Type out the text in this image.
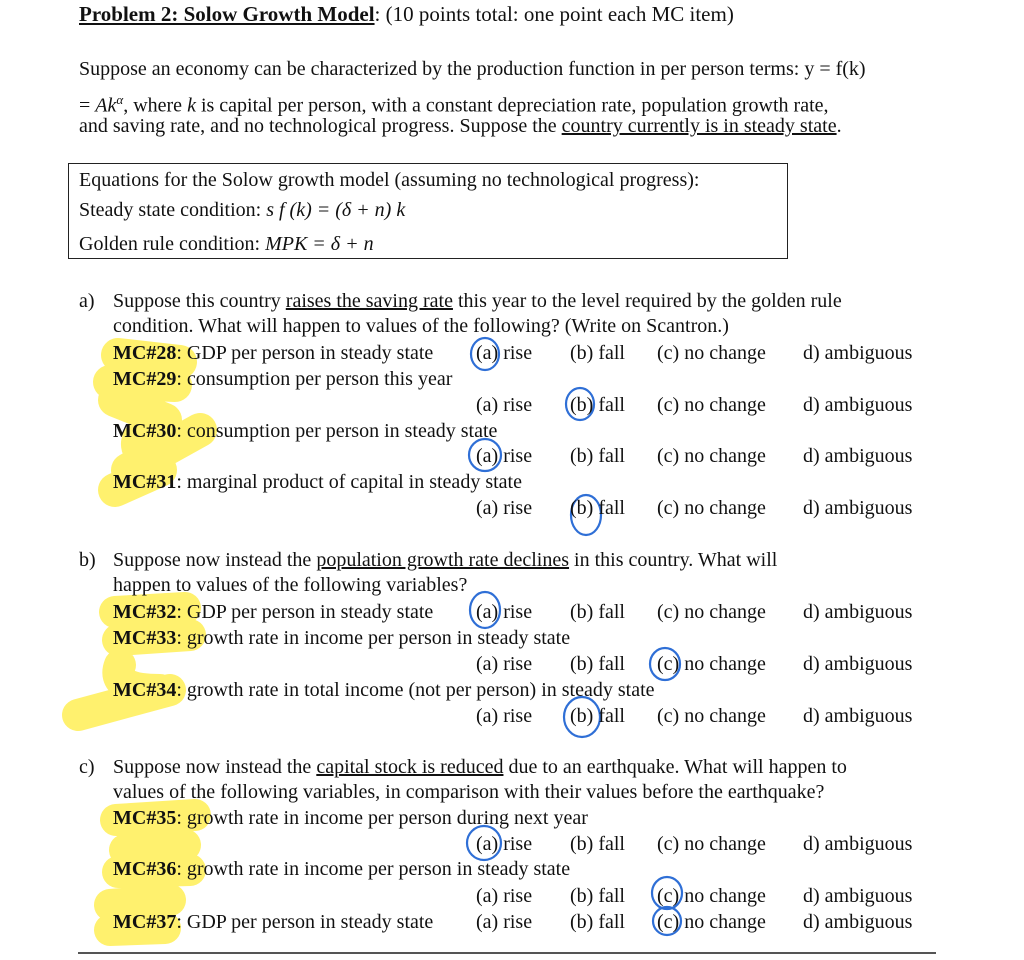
Problem 2: Solow Growth Model: (10 points total: one point each MC item)
Suppose an economy can be characterized by the production function in per person terms: y = f(k)
= $Ak^\alpha$, where k is capital per person, with a constant depreciation rate, population growth rate,
and saving rate, and no technological progress. Suppose the country currently is in steady state.
Equations for the Solow growth model (assuming no technological progress):
Steady state condition: s f (k) = (δ + n) k
Golden rule condition: MPK = δ + n
a) Suppose this country raises the saving rate this year to the level required by the golden rule
condition. What will happen to values of the following? (Write on Scantron.)
MC#28: GDP per person in steady state (a) rise (b) fall (c) no change d) ambiguous
MC#29: consumption per person this year
(a) rise (b) fall (c) no change d) ambiguous
MC#30: consumption per person in steady state
(a) rise (b) fall (c) no change d) ambiguous
MC#31: marginal product of capital in steady state
(a) rise (b) fall (c) no change d) ambiguous
b) Suppose now instead the population growth rate declines in this country. What will
happen to values of the following variables?
MC#32: GDP per person in steady state (a) rise (b) fall (c) no change d) ambiguous
MC#33: growth rate in income per person in steady state
(a) rise (b) fall (c) no change d) ambiguous
MC#34: growth rate in total income (not per person) in steady state
(a) rise (b) fall (c) no change d) ambiguous
c) Suppose now instead the capital stock is reduced due to an earthquake. What will happen to
values of the following variables, in comparison with their values before the earthquake?
MC#35: growth rate in income per person during next year
(a) rise (b) fall (c) no change d) ambiguous
MC#36: growth rate in income per person in steady state
(a) rise (b) fall (c) no change d) ambiguous
MC#37: GDP per person in steady state (a) rise (b) fall (c) no change d) ambiguous
